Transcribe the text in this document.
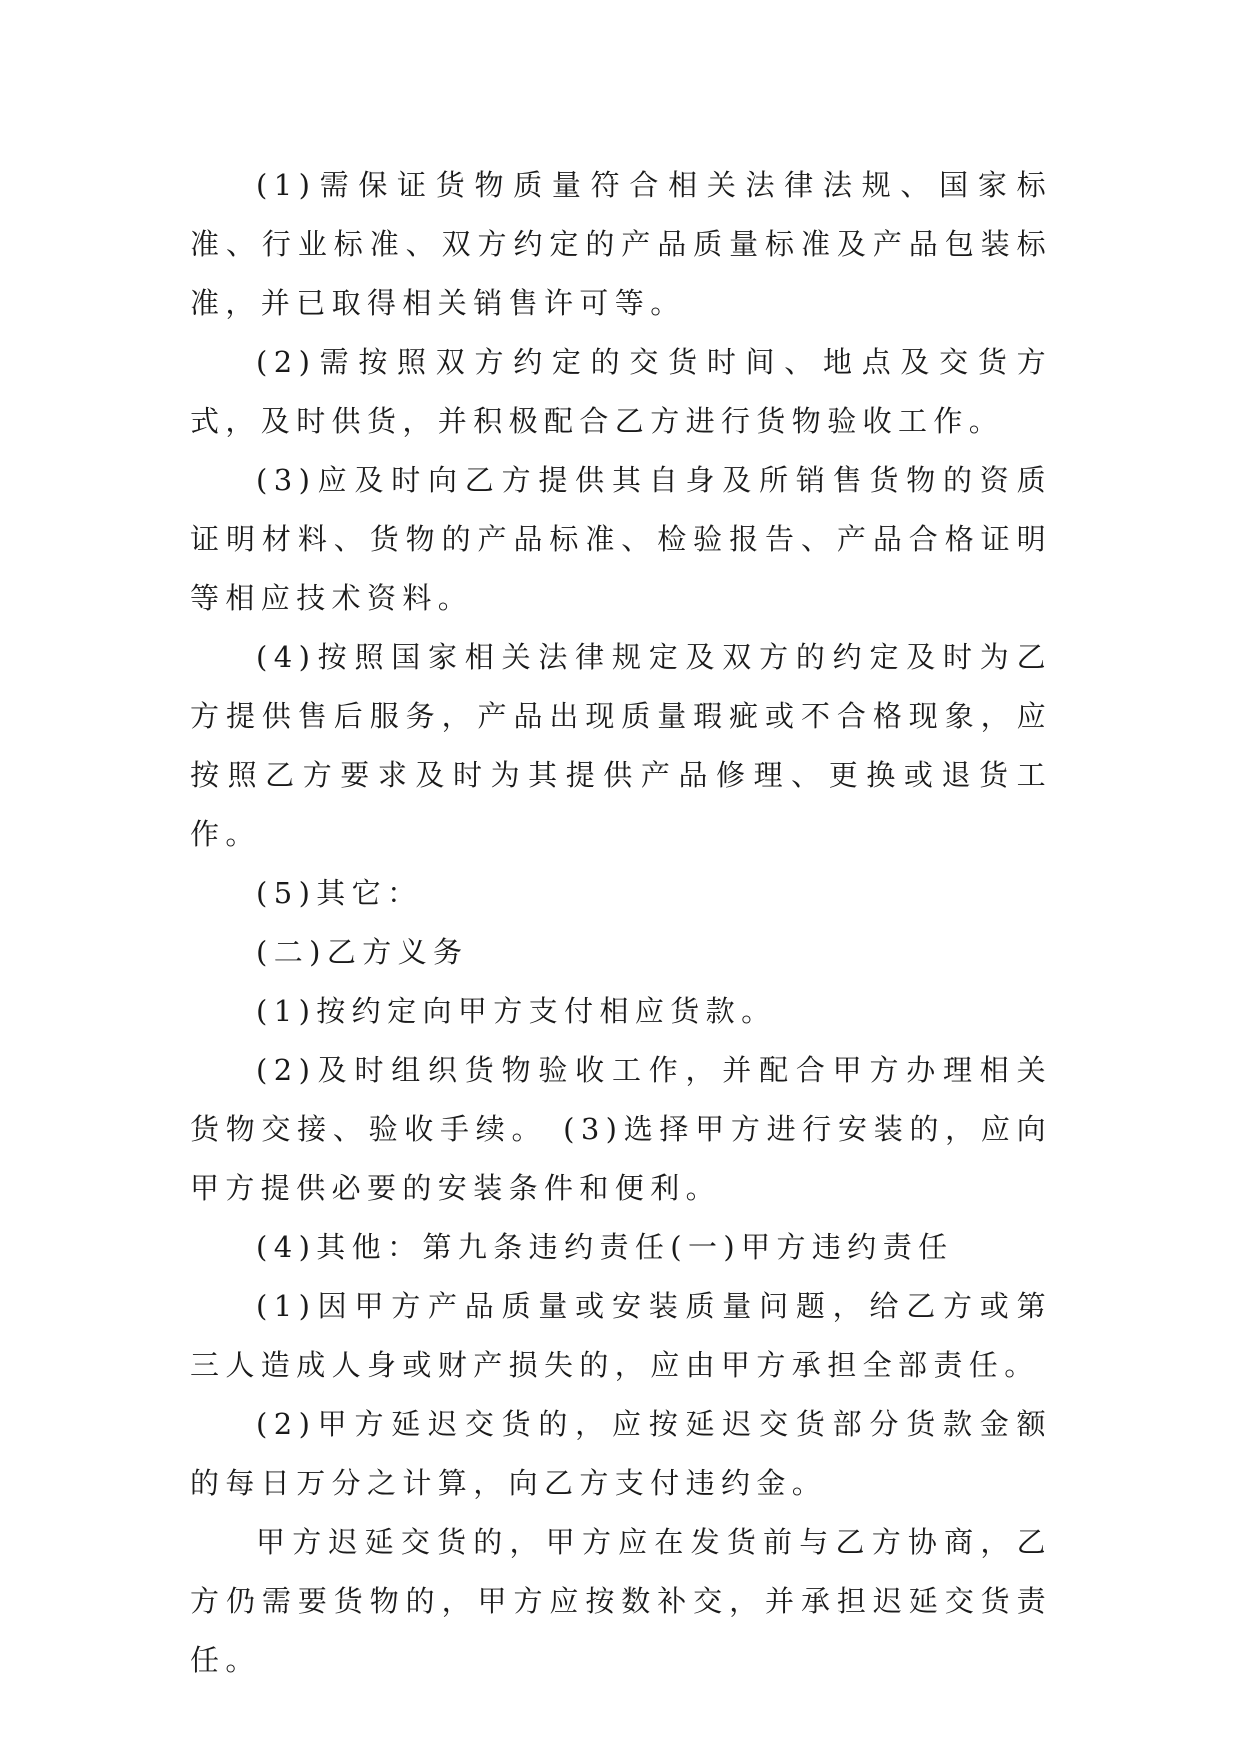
(1)需保证货物质量符合相关法律法规、国家标准、行业标准、双方约定的产品质量标准及产品包装标准，并已取得相关销售许可等。

(2)需按照双方约定的交货时间、地点及交货方式，及时供货，并积极配合乙方进行货物验收工作。

(3)应及时向乙方提供其自身及所销售货物的资质证明材料、货物的产品标准、检验报告、产品合格证明等相应技术资料。

(4)按照国家相关法律规定及双方的约定及时为乙方提供售后服务，产品出现质量瑕疵或不合格现象，应按照乙方要求及时为其提供产品修理、更换或退货工作。

(5)其它：

(二)乙方义务

(1)按约定向甲方支付相应货款。

(2)及时组织货物验收工作，并配合甲方办理相关货物交接、验收手续。 (3)选择甲方进行安装的，应向甲方提供必要的安装条件和便利。

(4)其他：第九条违约责任(一)甲方违约责任

(1)因甲方产品质量或安装质量问题，给乙方或第三人造成人身或财产损失的，应由甲方承担全部责任。

(2)甲方延迟交货的，应按延迟交货部分货款金额的每日万分之计算，向乙方支付违约金。

甲方迟延交货的，甲方应在发货前与乙方协商，乙方仍需要货物的，甲方应按数补交，并承担迟延交货责任。
